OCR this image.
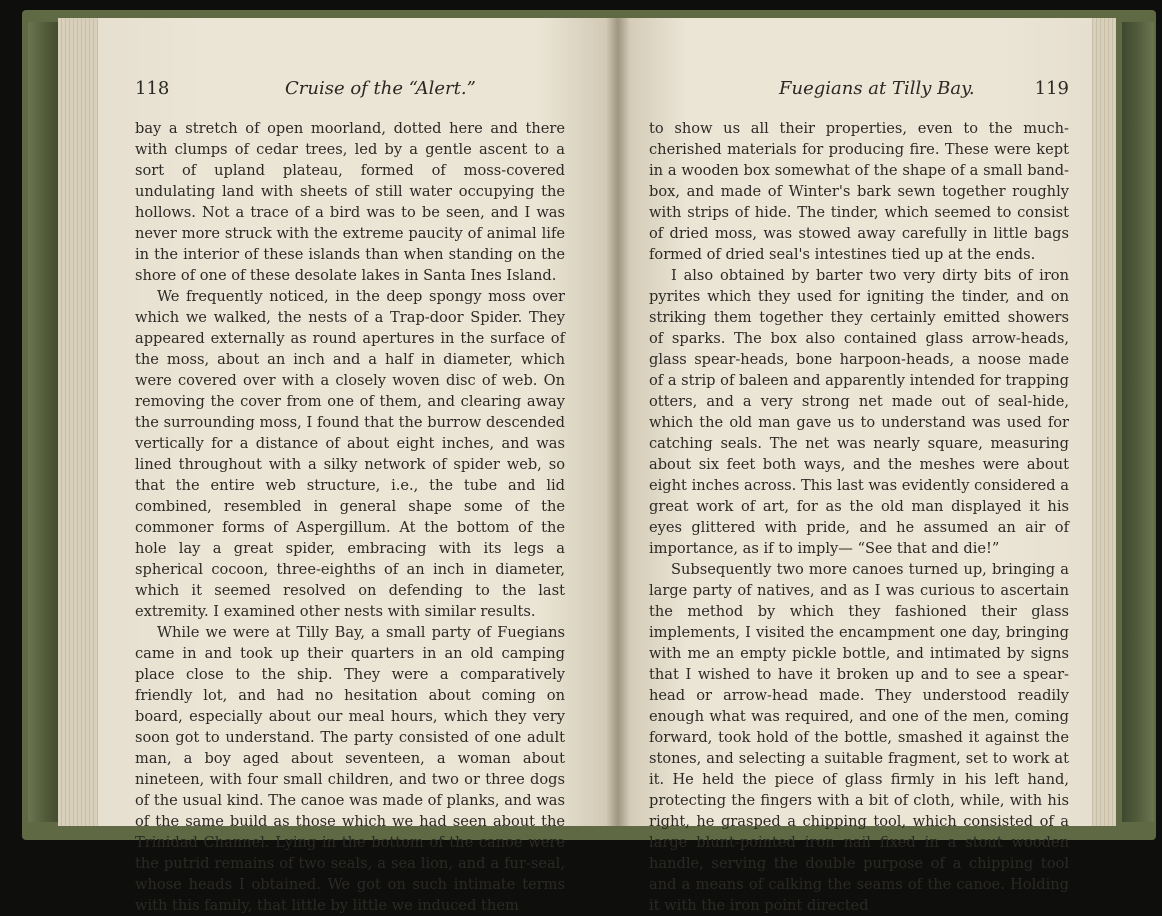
118	Cruise of the “Alert.”	Fuegians at Tilly Bay.	119

bay a stretch of open moorland, dotted here and there with clumps of cedar trees, led by a gentle ascent to a sort of upland plateau, formed of moss-covered undulating land with sheets of still water occupying the hollows. Not a trace of a bird was to be seen, and I was never more struck with the extreme paucity of animal life in the interior of these islands than when standing on the shore of one of these desolate lakes in Santa Ines Island.

We frequently noticed, in the deep spongy moss over which we walked, the nests of a Trap-door Spider. They appeared externally as round apertures in the surface of the moss, about an inch and a half in diameter, which were covered over with a closely woven disc of web. On removing the cover from one of them, and clearing away the surrounding moss, I found that the burrow descended vertically for a distance of about eight inches, and was lined throughout with a silky network of spider web, so that the entire web structure, i.e., the tube and lid combined, resembled in general shape some of the commoner forms of Aspergillum. At the bottom of the hole lay a great spider, embracing with its legs a spherical cocoon, three-eighths of an inch in diameter, which it seemed resolved on defending to the last extremity. I examined other nests with similar results.

While we were at Tilly Bay, a small party of Fuegians came in and took up their quarters in an old camping place close to the ship. They were a comparatively friendly lot, and had no hesitation about coming on board, especially about our meal hours, which they very soon got to understand. The party consisted of one adult man, a boy aged about seventeen, a woman about nineteen, with four small children, and two or three dogs of the usual kind. The canoe was made of planks, and was of the same build as those which we had seen about the Trinidad Channel. Lying in the bottom of the canoe were the putrid remains of two seals, a sea lion, and a fur-seal, whose heads I obtained. We got on such intimate terms with this family, that little by little we induced them

to show us all their properties, even to the much-cherished materials for producing fire. These were kept in a wooden box somewhat of the shape of a small band-box, and made of Winter's bark sewn together roughly with strips of hide. The tinder, which seemed to consist of dried moss, was stowed away carefully in little bags formed of dried seal's intestines tied up at the ends.

I also obtained by barter two very dirty bits of iron pyrites which they used for igniting the tinder, and on striking them together they certainly emitted showers of sparks. The box also contained glass arrow-heads, glass spear-heads, bone harpoon-heads, a noose made of a strip of baleen and apparently intended for trapping otters, and a very strong net made out of seal-hide, which the old man gave us to understand was used for catching seals. The net was nearly square, measuring about six feet both ways, and the meshes were about eight inches across. This last was evidently considered a great work of art, for as the old man displayed it his eyes glittered with pride, and he assumed an air of importance, as if to imply— “See that and die!”

Subsequently two more canoes turned up, bringing a large party of natives, and as I was curious to ascertain the method by which they fashioned their glass implements, I visited the encampment one day, bringing with me an empty pickle bottle, and intimated by signs that I wished to have it broken up and to see a spear-head or arrow-head made. They understood readily enough what was required, and one of the men, coming forward, took hold of the bottle, smashed it against the stones, and selecting a suitable fragment, set to work at it. He held the piece of glass firmly in his left hand, protecting the fingers with a bit of cloth, while, with his right, he grasped a chipping tool, which consisted of a large blunt-pointed iron nail fixed in a stout wooden handle, serving the double purpose of a chipping tool and a means of calking the seams of the canoe. Holding it with the iron point directed
